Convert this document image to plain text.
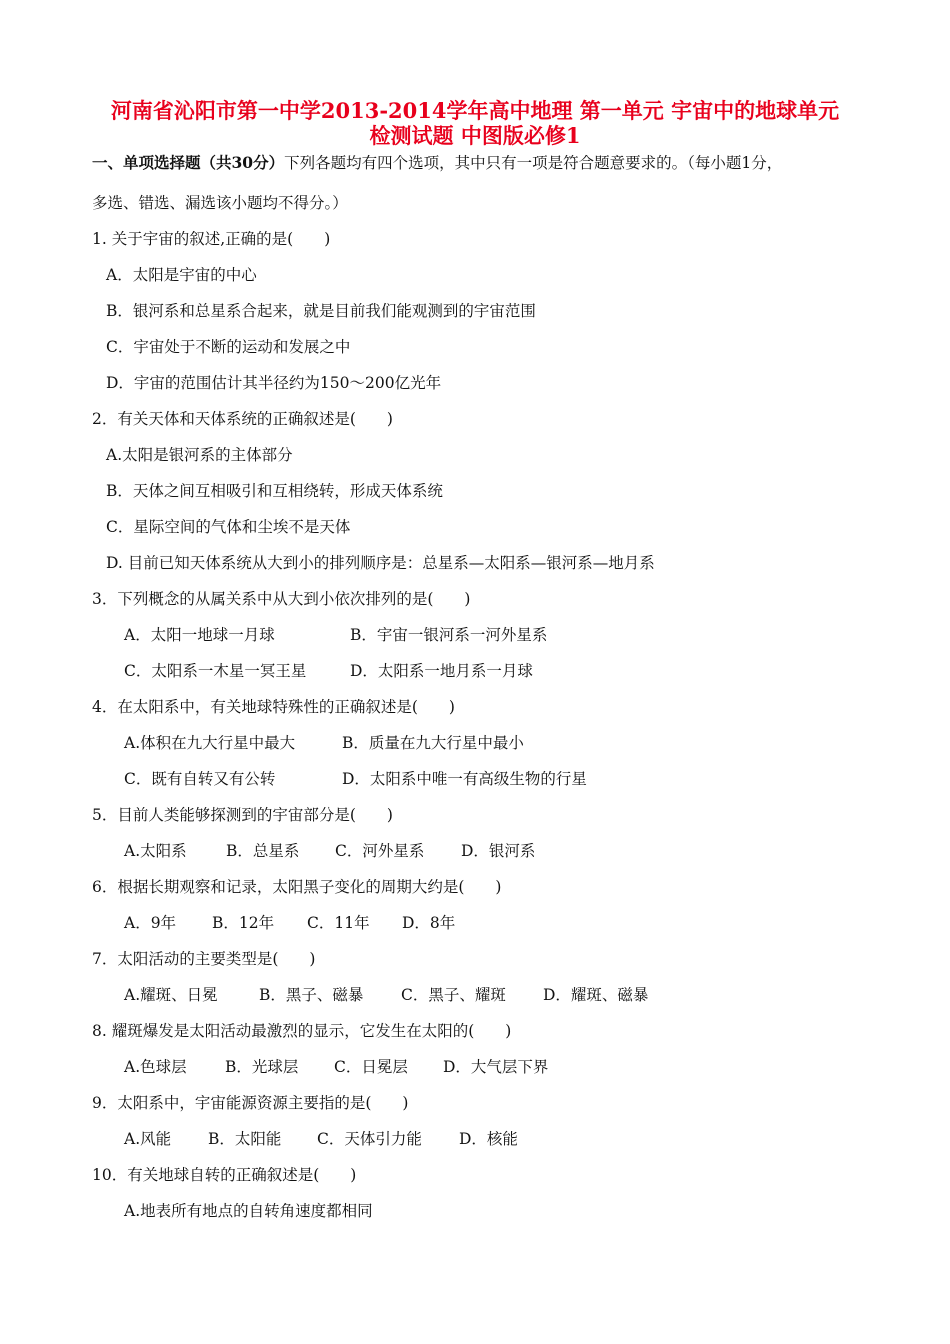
河南省沁阳市第一中学2013-2014学年高中地理 第一单元 宇宙中的地球单元
检测试题 中图版必修1
一、单项选择题（共30分）下列各题均有四个选项，其中只有一项是符合题意要求的。（每小题1分，
多选、错选、漏选该小题均不得分。）
1. 关于宇宙的叙述,正确的是(　　)
A．太阳是宇宙的中心
B．银河系和总星系合起来，就是目前我们能观测到的宇宙范围
C．宇宙处于不断的运动和发展之中
D．宇宙的范围估计其半径约为150～200亿光年
2．有关天体和天体系统的正确叙述是(　　)
A.太阳是银河系的主体部分
B．天体之间互相吸引和互相绕转，形成天体系统
C．星际空间的气体和尘埃不是天体
D. 目前已知天体系统从大到小的排列顺序是：总星系—太阳系—银河系—地月系
3．下列概念的从属关系中从大到小依次排列的是(　　)
A．太阳一地球一月球	B．宇宙一银河系一河外星系
C．太阳系一木星一冥王星	D．太阳系一地月系一月球
4．在太阳系中，有关地球特殊性的正确叙述是(　　)
A.体积在九大行星中最大	B．质量在九大行星中最小
C．既有自转又有公转	D．太阳系中唯一有高级生物的行星
5．目前人类能够探测到的宇宙部分是(　　)
A.太阳系	B．总星系 C．河外星系 D．银河系
6．根据长期观察和记录，太阳黑子变化的周期大约是(　　)
A．9年 B．12年 C．11年 D．8年
7．太阳活动的主要类型是(　　)
A.耀斑、日冕	B．黑子、磁暴 C．黑子、耀斑 D．耀斑、磁暴
8. 耀斑爆发是太阳活动最激烈的显示，它发生在太阳的(　　)
A.色球层 B．光球层 C．日冕层 D．大气层下界
9．太阳系中，宇宙能源资源主要指的是(　　)
A.风能 B．太阳能 C．天体引力能 D．核能
10．有关地球自转的正确叙述是(　　)
A.地表所有地点的自转角速度都相同
